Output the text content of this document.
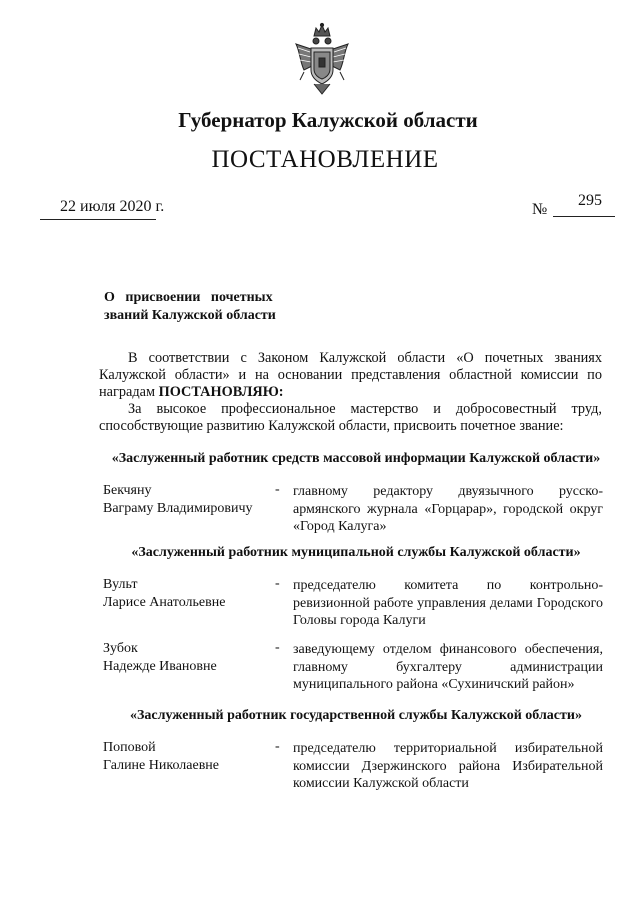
Губернатор Калужской области
ПОСТАНОВЛЕНИЕ
22 июля 2020 г.	№
295
О   присвоении   почетных
званий Калужской области
В соответствии с Законом Калужской области «О почетных званиях Калужской области» и на основании представления областной комиссии по наградам ПОСТАНОВЛЯЮ:
За высокое профессиональное мастерство и добросовестный труд, способствующие развитию Калужской области, присвоить почетное звание:
«Заслуженный работник средств массовой информации Калужской области»
Бекчяну
Ваграму Владимировичу
- главному редактору двуязычного русско-армянского журнала «Горцарар», городской округ «Город Калуга»
«Заслуженный работник муниципальной службы Калужской области»
Вульт
Ларисе Анатольевне
- председателю комитета по контрольно-ревизионной работе управления делами Городского Головы города Калуги
Зубок
Надежде Ивановне
- заведующему отделом финансового обеспечения, главному бухгалтеру администрации муниципального района «Сухиничский район»
«Заслуженный работник государственной службы Калужской области»
Поповой
Галине Николаевне
- председателю территориальной избирательной комиссии Дзержинского района Избирательной комиссии Калужской области
